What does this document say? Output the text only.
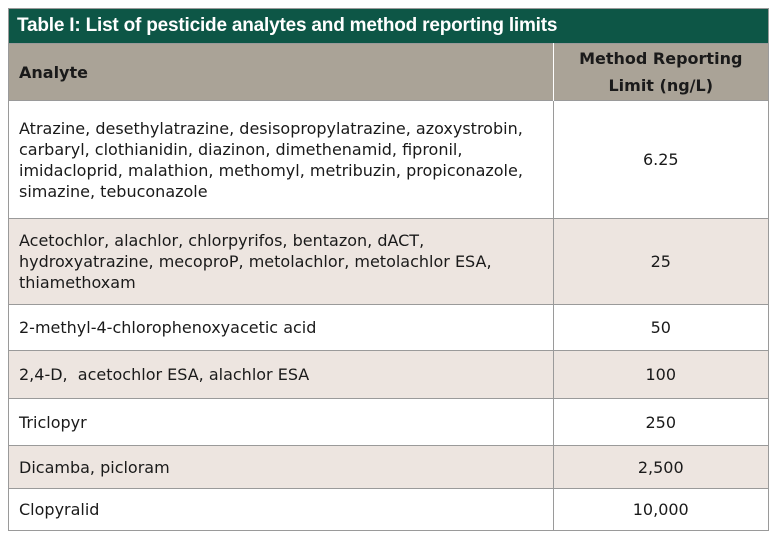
Table I: List of pesticide analytes and method reporting limits
Analyte	Method Reporting Limit (ng/L)
Atrazine, desethylatrazine, desisopropylatrazine, azoxystrobin, carbaryl, clothianidin, diazinon, dimethenamid, fipronil, imidacloprid, malathion, methomyl, metribuzin, propiconazole, simazine, tebuconazole	6.25
Acetochlor, alachlor, chlorpyrifos, bentazon, dACT, hydroxyatrazine, mecoproP, metolachlor, metolachlor ESA, thiamethoxam	25
2-methyl-4-chlorophenoxyacetic acid	50
2,4-D,  acetochlor ESA, alachlor ESA	100
Triclopyr	250
Dicamba, picloram	2,500
Clopyralid	10,000
